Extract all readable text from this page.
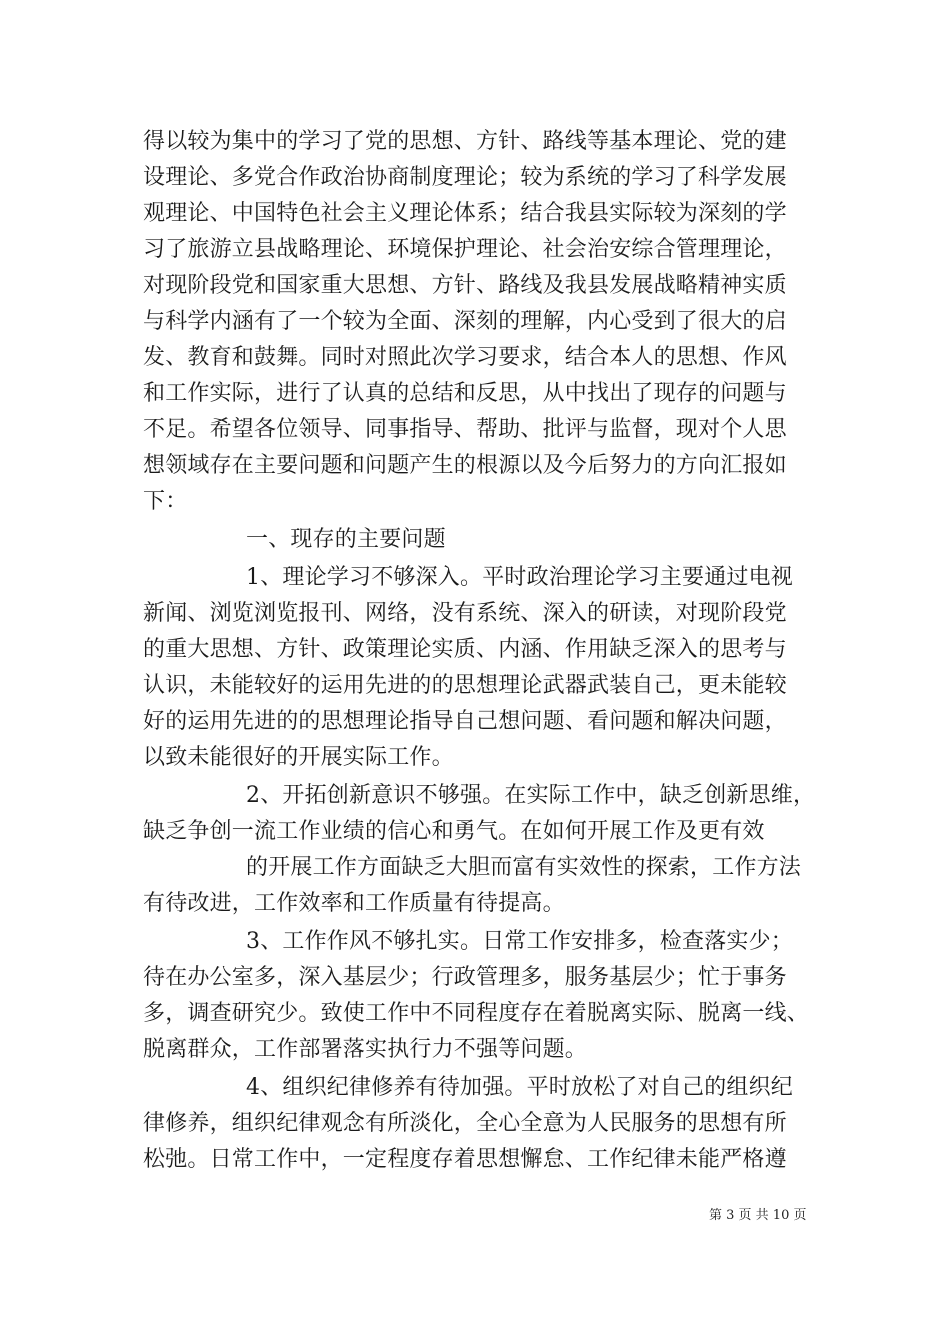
得以较为集中的学习了党的思想、方针、路线等基本理论、党的建
设理论、多党合作政治协商制度理论；较为系统的学习了科学发展
观理论、中国特色社会主义理论体系；结合我县实际较为深刻的学
习了旅游立县战略理论、环境保护理论、社会治安综合管理理论，
对现阶段党和国家重大思想、方针、路线及我县发展战略精神实质
与科学内涵有了一个较为全面、深刻的理解，内心受到了很大的启
发、教育和鼓舞。同时对照此次学习要求，结合本人的思想、作风
和工作实际，进行了认真的总结和反思，从中找出了现存的问题与
不足。希望各位领导、同事指导、帮助、批评与监督，现对个人思
想领域存在主要问题和问题产生的根源以及今后努力的方向汇报如
下：
一、现存的主要问题
1、理论学习不够深入。平时政治理论学习主要通过电视
新闻、浏览浏览报刊、网络，没有系统、深入的研读，对现阶段党
的重大思想、方针、政策理论实质、内涵、作用缺乏深入的思考与
认识，未能较好的运用先进的的思想理论武器武装自己，更未能较
好的运用先进的的思想理论指导自己想问题、看问题和解决问题，
以致未能很好的开展实际工作。
2、开拓创新意识不够强。在实际工作中，缺乏创新思维，
缺乏争创一流工作业绩的信心和勇气。在如何开展工作及更有效
的开展工作方面缺乏大胆而富有实效性的探索，工作方法
有待改进，工作效率和工作质量有待提高。
3、工作作风不够扎实。日常工作安排多，检查落实少；
待在办公室多，深入基层少；行政管理多，服务基层少；忙于事务
多，调查研究少。致使工作中不同程度存在着脱离实际、脱离一线、
脱离群众，工作部署落实执行力不强等问题。
4、组织纪律修养有待加强。平时放松了对自己的组织纪
律修养，组织纪律观念有所淡化，全心全意为人民服务的思想有所
松弛。日常工作中，一定程度存着思想懈怠、工作纪律未能严格遵
第 3 页 共 10 页
